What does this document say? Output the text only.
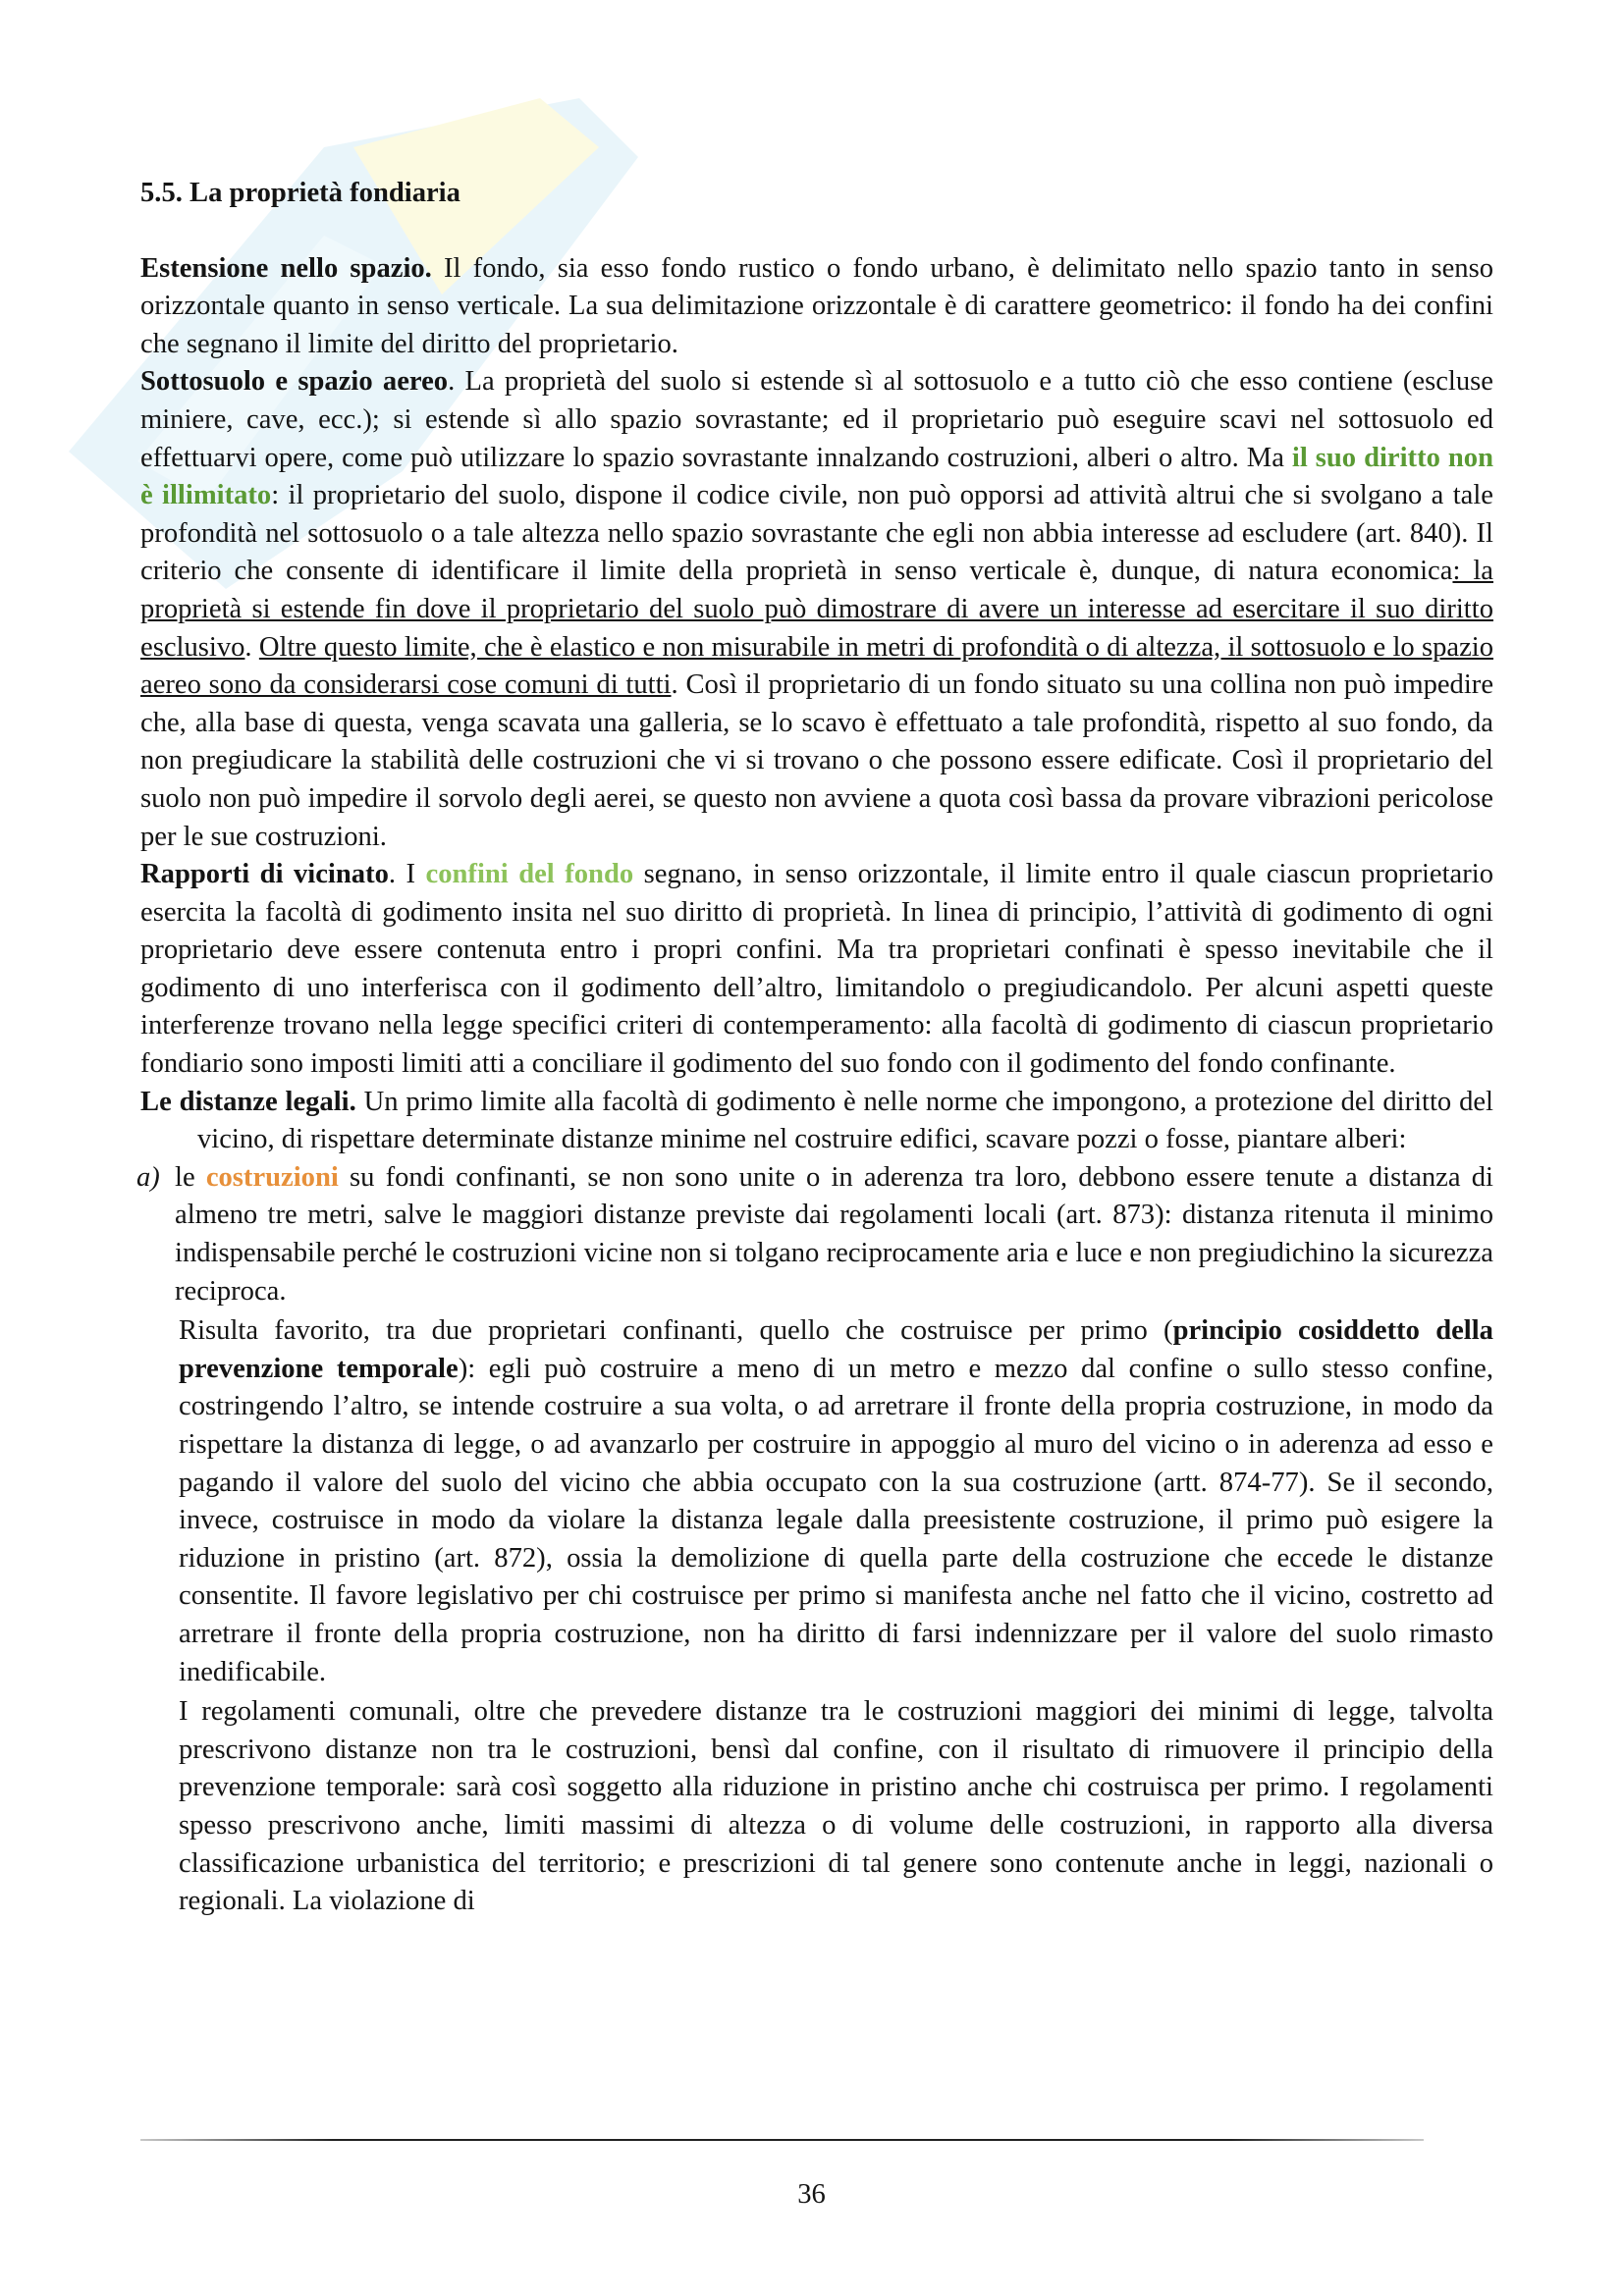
5.5. La proprietà fondiaria

Estensione nello spazio. Il fondo, sia esso fondo rustico o fondo urbano, è delimitato nello spazio tanto in senso orizzontale quanto in senso verticale. La sua delimitazione orizzontale è di carattere geometrico: il fondo ha dei confini che segnano il limite del diritto del proprietario.

Sottosuolo e spazio aereo. La proprietà del suolo si estende sì al sottosuolo e a tutto ciò che esso contiene (escluse miniere, cave, ecc.); si estende sì allo spazio sovrastante; ed il proprietario può eseguire scavi nel sottosuolo ed effettuarvi opere, come può utilizzare lo spazio sovrastante innalzando costruzioni, alberi o altro. Ma il suo diritto non è illimitato: il proprietario del suolo, dispone il codice civile, non può opporsi ad attività altrui che si svolgano a tale profondità nel sottosuolo o a tale altezza nello spazio sovrastante che egli non abbia interesse ad escludere (art. 840). Il criterio che consente di identificare il limite della proprietà in senso verticale è, dunque, di natura economica: la proprietà si estende fin dove il proprietario del suolo può dimostrare di avere un interesse ad esercitare il suo diritto esclusivo. Oltre questo limite, che è elastico e non misurabile in metri di profondità o di altezza, il sottosuolo e lo spazio aereo sono da considerarsi cose comuni di tutti. Così il proprietario di un fondo situato su una collina non può impedire che, alla base di questa, venga scavata una galleria, se lo scavo è effettuato a tale profondità, rispetto al suo fondo, da non pregiudicare la stabilità delle costruzioni che vi si trovano o che possono essere edificate. Così il proprietario del suolo non può impedire il sorvolo degli aerei, se questo non avviene a quota così bassa da provare vibrazioni pericolose per le sue costruzioni.

Rapporti di vicinato. I confini del fondo segnano, in senso orizzontale, il limite entro il quale ciascun proprietario esercita la facoltà di godimento insita nel suo diritto di proprietà. In linea di principio, l’attività di godimento di ogni proprietario deve essere contenuta entro i propri confini. Ma tra proprietari confinati è spesso inevitabile che il godimento di uno interferisca con il godimento dell’altro, limitandolo o pregiudicandolo. Per alcuni aspetti queste interferenze trovano nella legge specifici criteri di contemperamento: alla facoltà di godimento di ciascun proprietario fondiario sono imposti limiti atti a conciliare il godimento del suo fondo con il godimento del fondo confinante.

Le distanze legali. Un primo limite alla facoltà di godimento è nelle norme che impongono, a protezione del diritto del vicino, di rispettare determinate distanze minime nel costruire edifici, scavare pozzi o fosse, piantare alberi:

a) le costruzioni su fondi confinanti, se non sono unite o in aderenza tra loro, debbono essere tenute a distanza di almeno tre metri, salve le maggiori distanze previste dai regolamenti locali (art. 873): distanza ritenuta il minimo indispensabile perché le costruzioni vicine non si tolgano reciprocamente aria e luce e non pregiudichino la sicurezza reciproca.

Risulta favorito, tra due proprietari confinanti, quello che costruisce per primo (principio cosiddetto della prevenzione temporale): egli può costruire a meno di un metro e mezzo dal confine o sullo stesso confine, costringendo l’altro, se intende costruire a sua volta, o ad arretrare il fronte della propria costruzione, in modo da rispettare la distanza di legge, o ad avanzarlo per costruire in appoggio al muro del vicino o in aderenza ad esso e pagando il valore del suolo del vicino che abbia occupato con la sua costruzione (artt. 874-77). Se il secondo, invece, costruisce in modo da violare la distanza legale dalla preesistente costruzione, il primo può esigere la riduzione in pristino (art. 872), ossia la demolizione di quella parte della costruzione che eccede le distanze consentite. Il favore legislativo per chi costruisce per primo si manifesta anche nel fatto che il vicino, costretto ad arretrare il fronte della propria costruzione, non ha diritto di farsi indennizzare per il valore del suolo rimasto inedificabile.

I regolamenti comunali, oltre che prevedere distanze tra le costruzioni maggiori dei minimi di legge, talvolta prescrivono distanze non tra le costruzioni, bensì dal confine, con il risultato di rimuovere il principio della prevenzione temporale: sarà così soggetto alla riduzione in pristino anche chi costruisca per primo. I regolamenti spesso prescrivono anche, limiti massimi di altezza o di volume delle costruzioni, in rapporto alla diversa classificazione urbanistica del territorio; e prescrizioni di tal genere sono contenute anche in leggi, nazionali o regionali. La violazione di

36
